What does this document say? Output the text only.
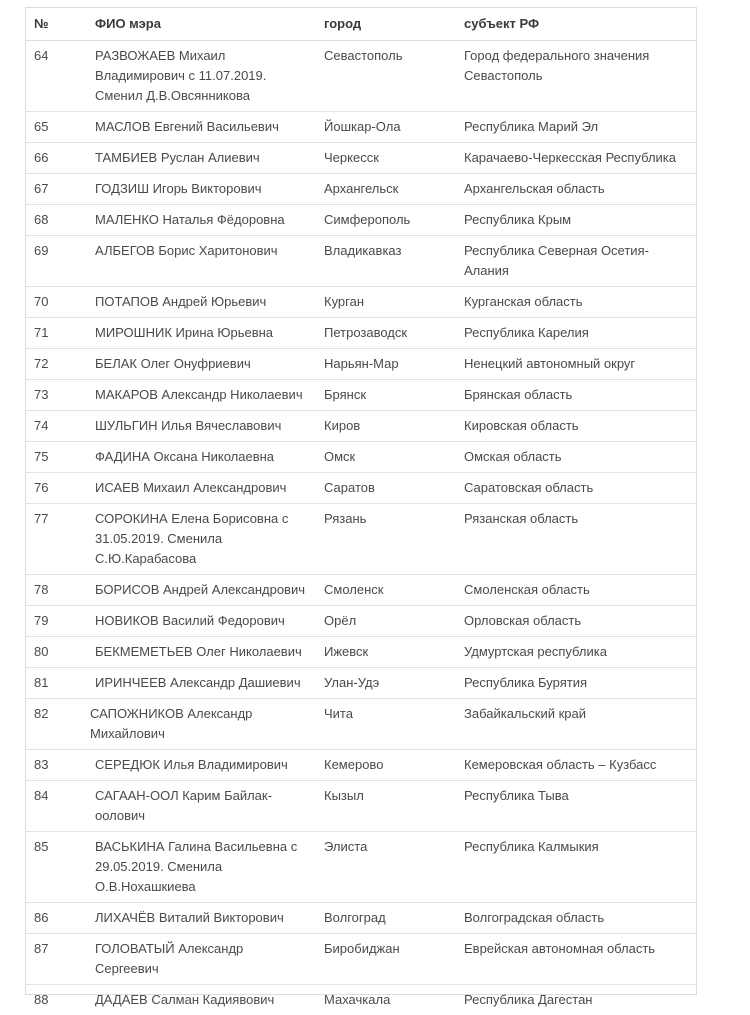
№	ФИО мэра	город	субъект РФ
64	РАЗВОЖАЕВ Михаил Владимирович с 11.07.2019. Сменил Д.В.Овсянникова	Севастополь	Город федерального значения Севастополь
65	МАСЛОВ Евгений Васильевич	Йошкар-Ола	Республика Марий Эл
66	ТАМБИЕВ Руслан Алиевич	Черкесск	Карачаево-Черкесская Республика
67	ГОДЗИШ Игорь Викторович	Архангельск	Архангельская область
68	МАЛЕНКО Наталья Фёдоровна	Симферополь	Республика Крым
69	АЛБЕГОВ Борис Харитонович	Владикавказ	Республика Северная Осетия-Алания
70	ПОТАПОВ Андрей Юрьевич	Курган	Курганская область
71	МИРОШНИК Ирина Юрьевна	Петрозаводск	Республика Карелия
72	БЕЛАК Олег Онуфриевич	Нарьян-Мар	Ненецкий автономный округ
73	МАКАРОВ Александр Николаевич	Брянск	Брянская область
74	ШУЛЬГИН Илья Вячеславович	Киров	Кировская область
75	ФАДИНА Оксана Николаевна	Омск	Омская область
76	ИСАЕВ Михаил Александрович	Саратов	Саратовская область
77	СОРОКИНА Елена Борисовна с 31.05.2019. Сменила С.Ю.Карабасова	Рязань	Рязанская область
78	БОРИСОВ Андрей Александрович	Смоленск	Смоленская область
79	НОВИКОВ Василий Федорович	Орёл	Орловская область
80	БЕКМЕМЕТЬЕВ Олег Николаевич	Ижевск	Удмуртская республика
81	ИРИНЧЕЕВ Александр Дашиевич	Улан-Удэ	Республика Бурятия
82	САПОЖНИКОВ Александр Михайлович	Чита	Забайкальский край
83	СЕРЕДЮК Илья Владимирович	Кемерово	Кемеровская область – Кузбасс
84	САГААН-ООЛ Карим Байлак-оолович	Кызыл	Республика Тыва
85	ВАСЬКИНА Галина Васильевна с 29.05.2019. Сменила О.В.Нохашкиева	Элиста	Республика Калмыкия
86	ЛИХАЧЁВ Виталий Викторович	Волгоград	Волгоградская область
87	ГОЛОВАТЫЙ Александр Сергеевич	Биробиджан	Еврейская автономная область
88	ДАДАЕВ Салман Кадиявович	Махачкала	Республика Дагестан
